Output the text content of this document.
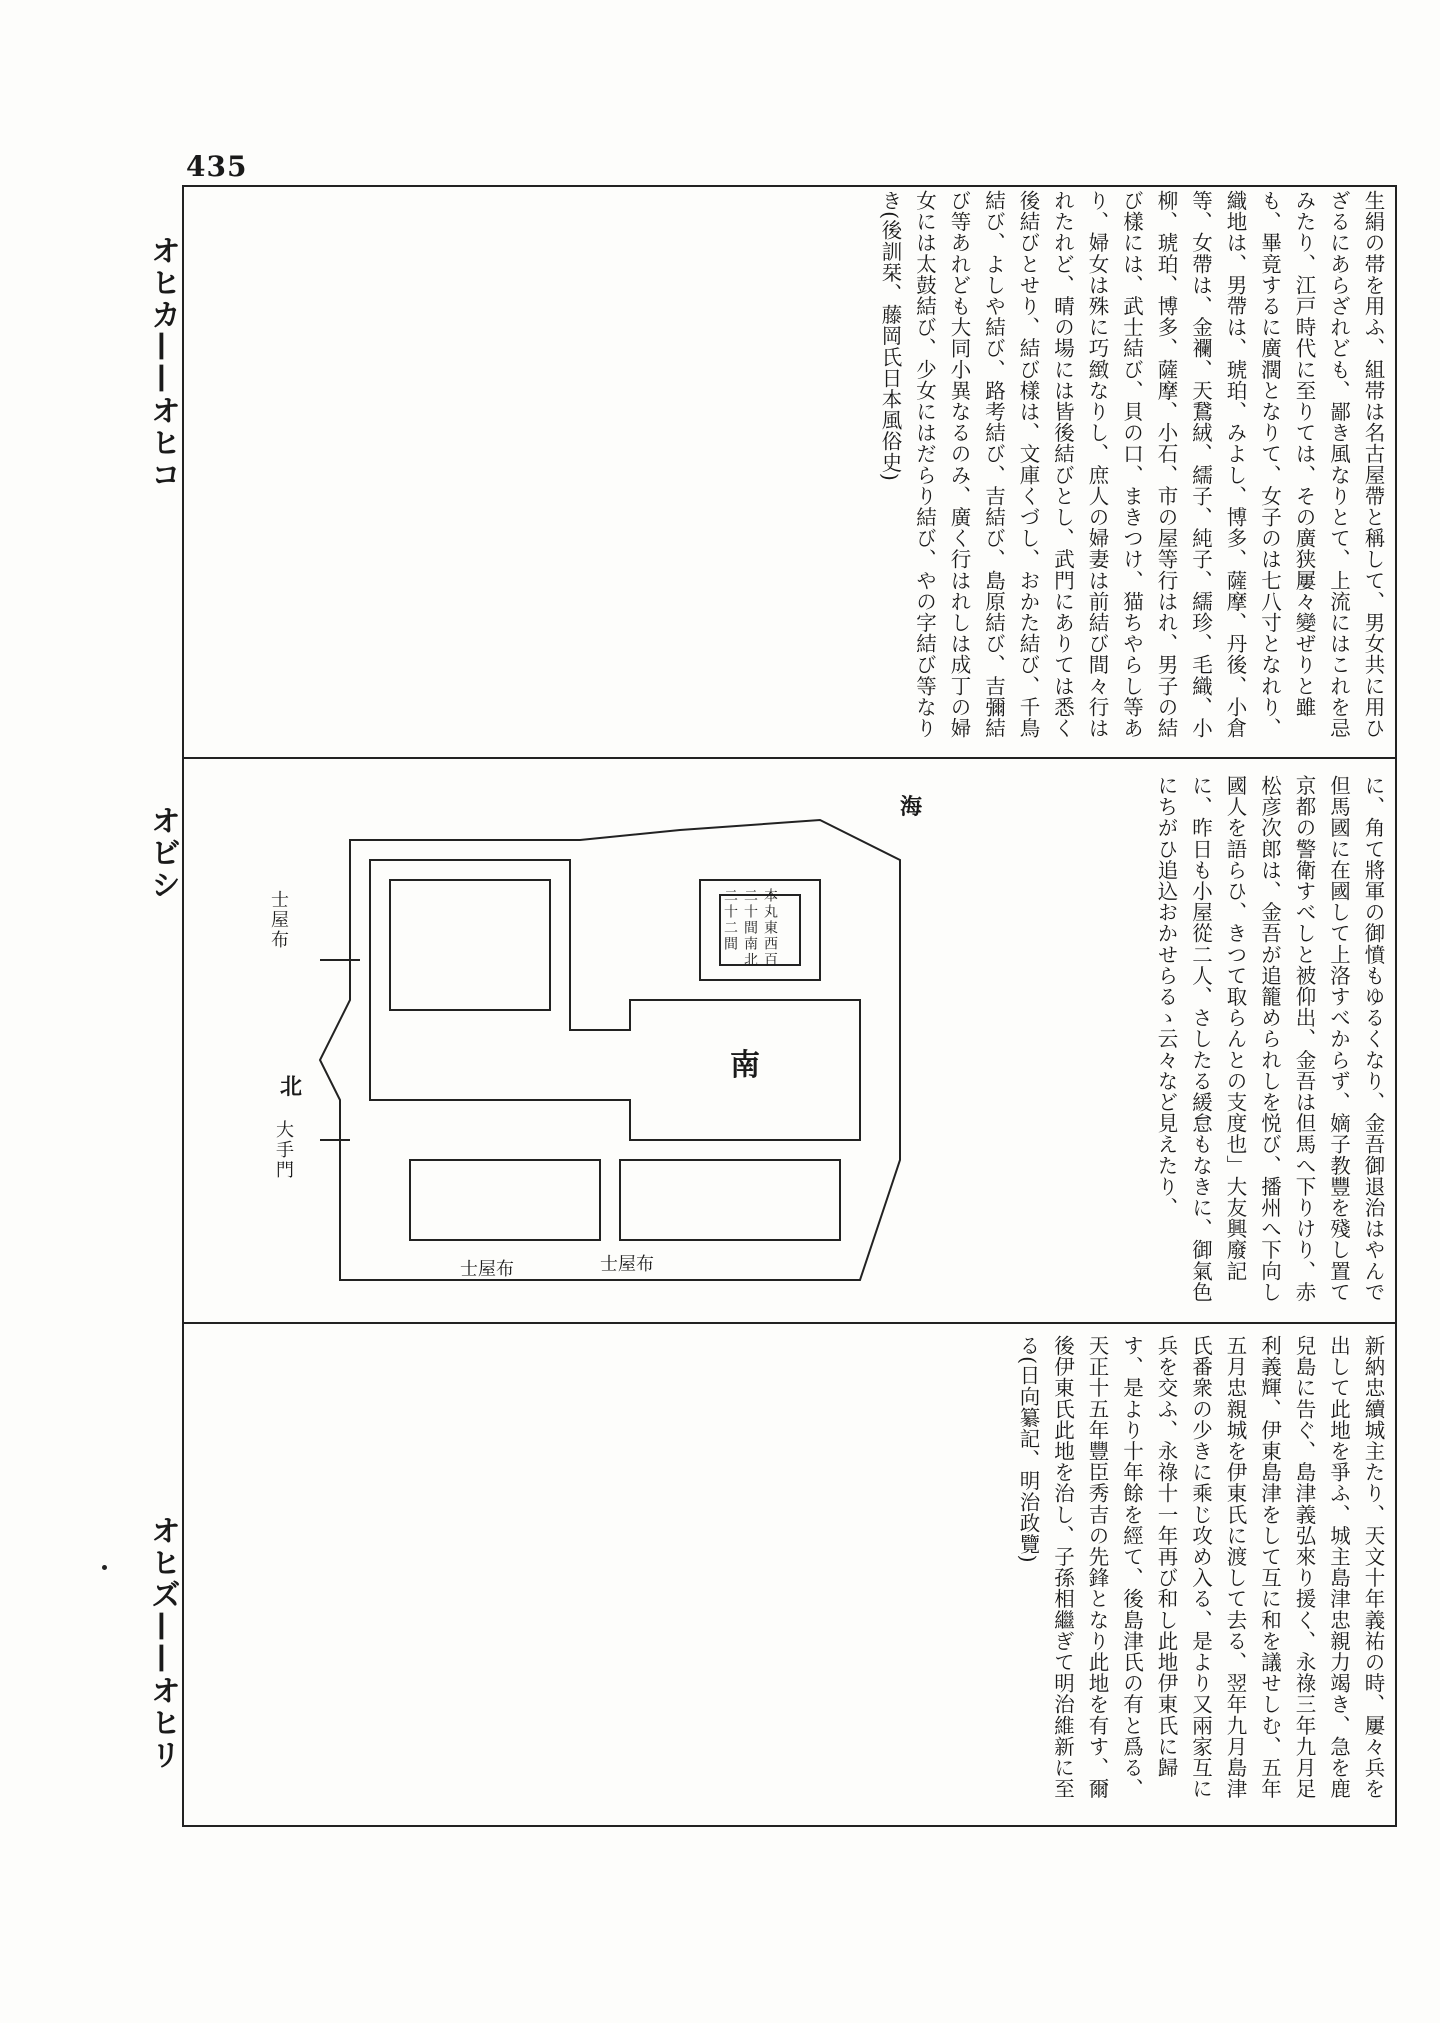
435
オヒカ——オヒコ
オビシ
オヒズ——オヒリ

生絹の帯を用ふ、組帯は名古屋帶と稱して、男女共に用ひざるにあらざれども、鄙き風なりとて、上流にはこれを忌みたり、江戸時代に至りては、その廣狭屢々變ぜりと雖も、畢竟するに廣濶となりて、女子のは七八寸となれり、織地は、男帶は、琥珀、みよし、博多、薩摩、丹後、小倉等、女帶は、金襴、天鵞絨、繻子、純子、繻珍、毛織、小柳、琥珀、博多、薩摩、小石、市の屋等行はれ、男子の結び樣には、武士結び、貝の口、まきつけ、猫ちやらし等あり、婦女は殊に巧緻なりし、庶人の婦妻は前結び間々行はれたれど、晴の場には皆後結びとし、武門にありては悉く後結びとせり、結び樣は、文庫くづし、おかた結び、千鳥結び、よしや結び、路考結び、吉結び、島原結び、吉彌結び等あれども大同小異なるのみ、廣く行はれしは成丁の婦女には太鼓結び、少女にはだらり結び、やの字結び等なりき(後訓栞、藤岡氏日本風俗史)

に、角て將軍の御憤もゆるくなり、金吾御退治はやんで但馬國に在國して上洛すべからず、嫡子教豐を殘し置て京都の警衛すべしと被仰出、金吾は但馬へ下りけり、赤松彦次郎は、金吾が追籠められしを悦び、播州へ下向し國人を語らひ、きつて取らんとの支度也」大友興廢記に、昨日も小屋從二人、さしたる緩怠もなきに、御氣色にちがひ追込おかせらるゝ云々など見えたり、

海
南
北
本丸東西百二十間南北二十二間
大手門
士屋布
士屋布	士屋布

新納忠續城主たり、天文十年義祐の時、屢々兵を出して此地を爭ふ、城主島津忠親力竭き、急を鹿兒島に告ぐ、島津義弘來り援く、永祿三年九月足利義輝、伊東島津をして互に和を議せしむ、五年五月忠親城を伊東氏に渡して去る、翌年九月島津氏番衆の少きに乘じ攻め入る、是より又兩家互に兵を交ふ、永祿十一年再び和し此地伊東氏に歸す、是より十年餘を經て、後島津氏の有と爲る、天正十五年豐臣秀吉の先鋒となり此地を有す、爾後伊東氏此地を治し、子孫相繼ぎて明治維新に至る(日向纂記、明治政覽)
